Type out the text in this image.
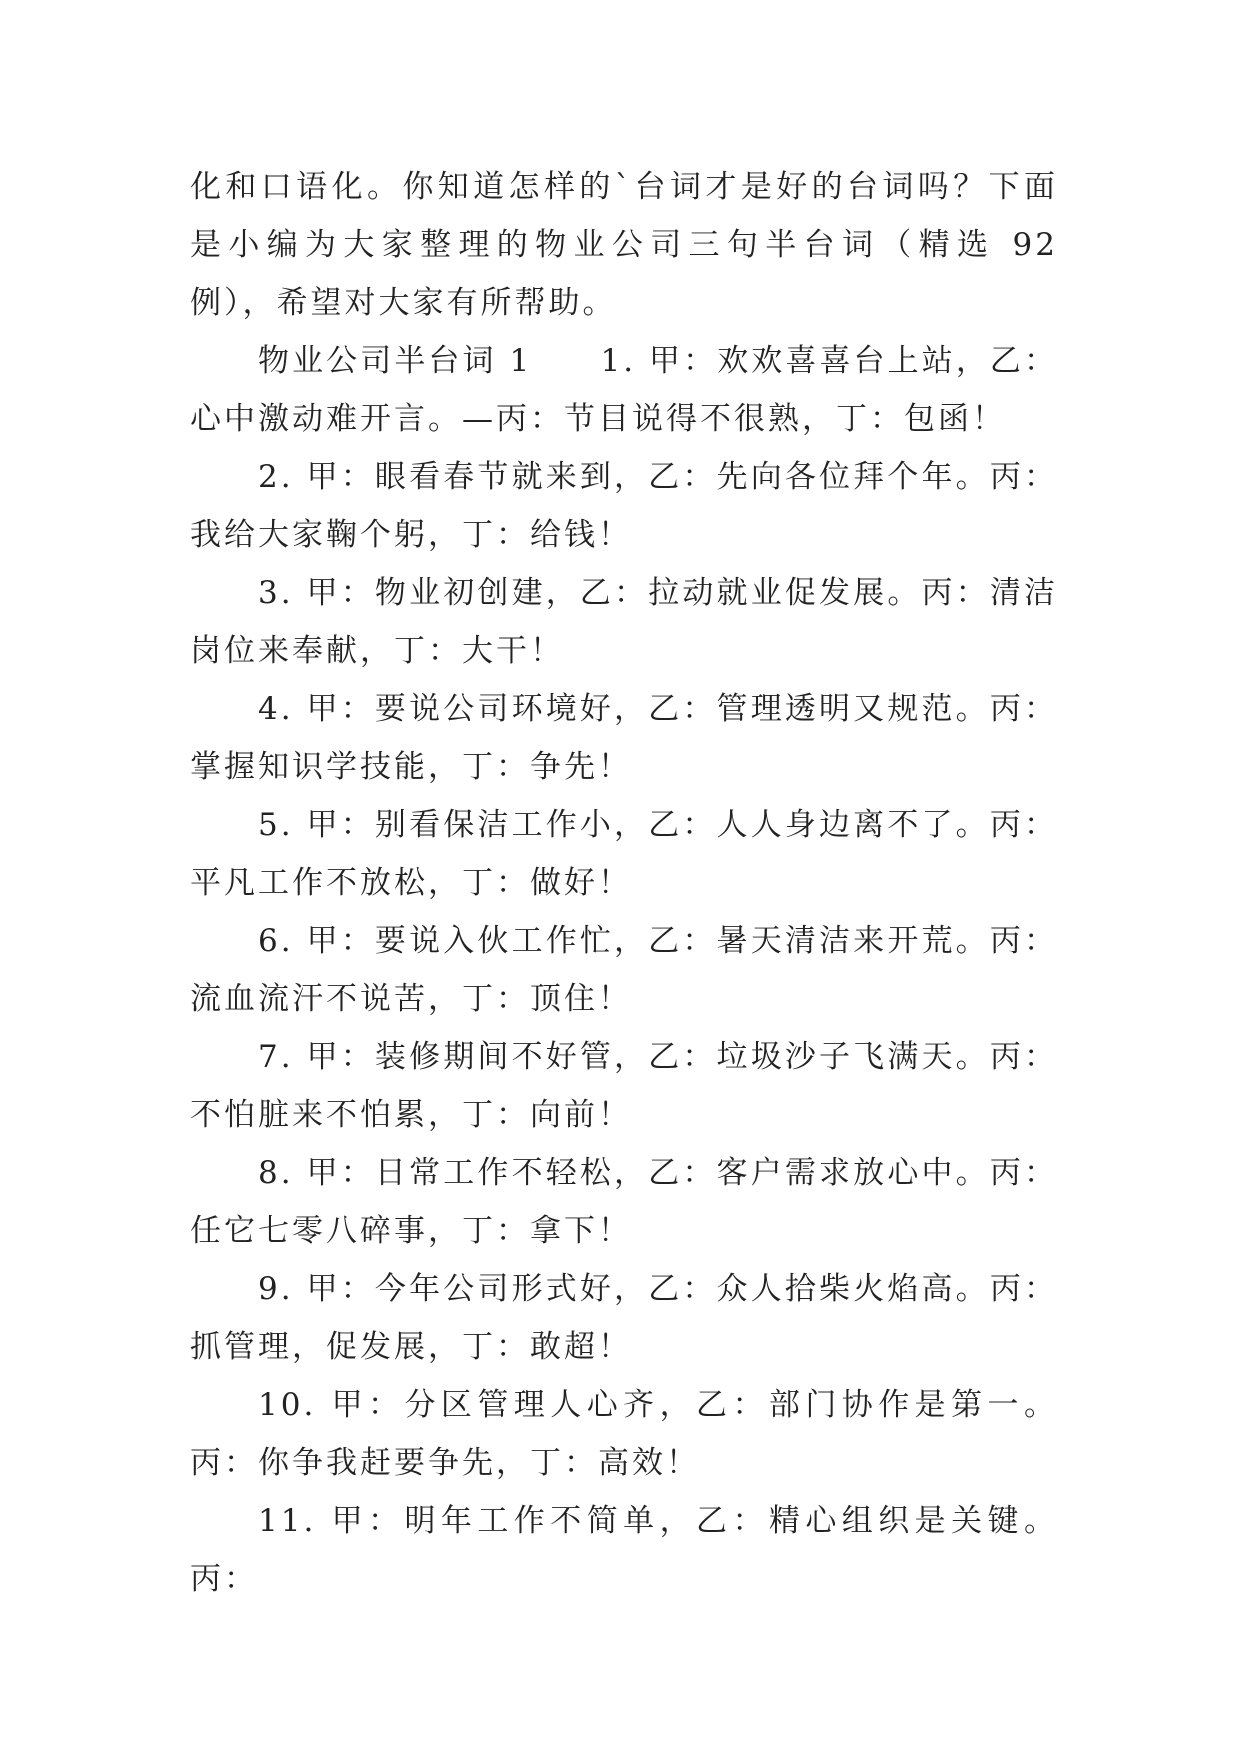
化和口语化。你知道怎样的`台词才是好的台词吗？下面是小编为大家整理的物业公司三句半台词（精选 92 例），希望对大家有所帮助。

物业公司半台词 1　　1. 甲：欢欢喜喜台上站，乙：心中激动难开言。—丙：节目说得不很熟，丁：包函！

2. 甲：眼看春节就来到，乙：先向各位拜个年。丙：我给大家鞠个躬，丁：给钱！

3. 甲：物业初创建，乙：拉动就业促发展。丙：清洁岗位来奉献，丁：大干！

4. 甲：要说公司环境好，乙：管理透明又规范。丙：掌握知识学技能，丁：争先！

5. 甲：别看保洁工作小，乙：人人身边离不了。丙：平凡工作不放松，丁：做好！

6. 甲：要说入伙工作忙，乙：暑天清洁来开荒。丙：流血流汗不说苦，丁：顶住！

7. 甲：装修期间不好管，乙：垃圾沙子飞满天。丙：不怕脏来不怕累，丁：向前！

8. 甲：日常工作不轻松，乙：客户需求放心中。丙：任它七零八碎事，丁：拿下！

9. 甲：今年公司形式好，乙：众人拾柴火焰高。丙：抓管理，促发展，丁：敢超！

10. 甲：分区管理人心齐，乙：部门协作是第一。丙：你争我赶要争先，丁：高效！

11. 甲：明年工作不简单，乙：精心组织是关键。丙：
